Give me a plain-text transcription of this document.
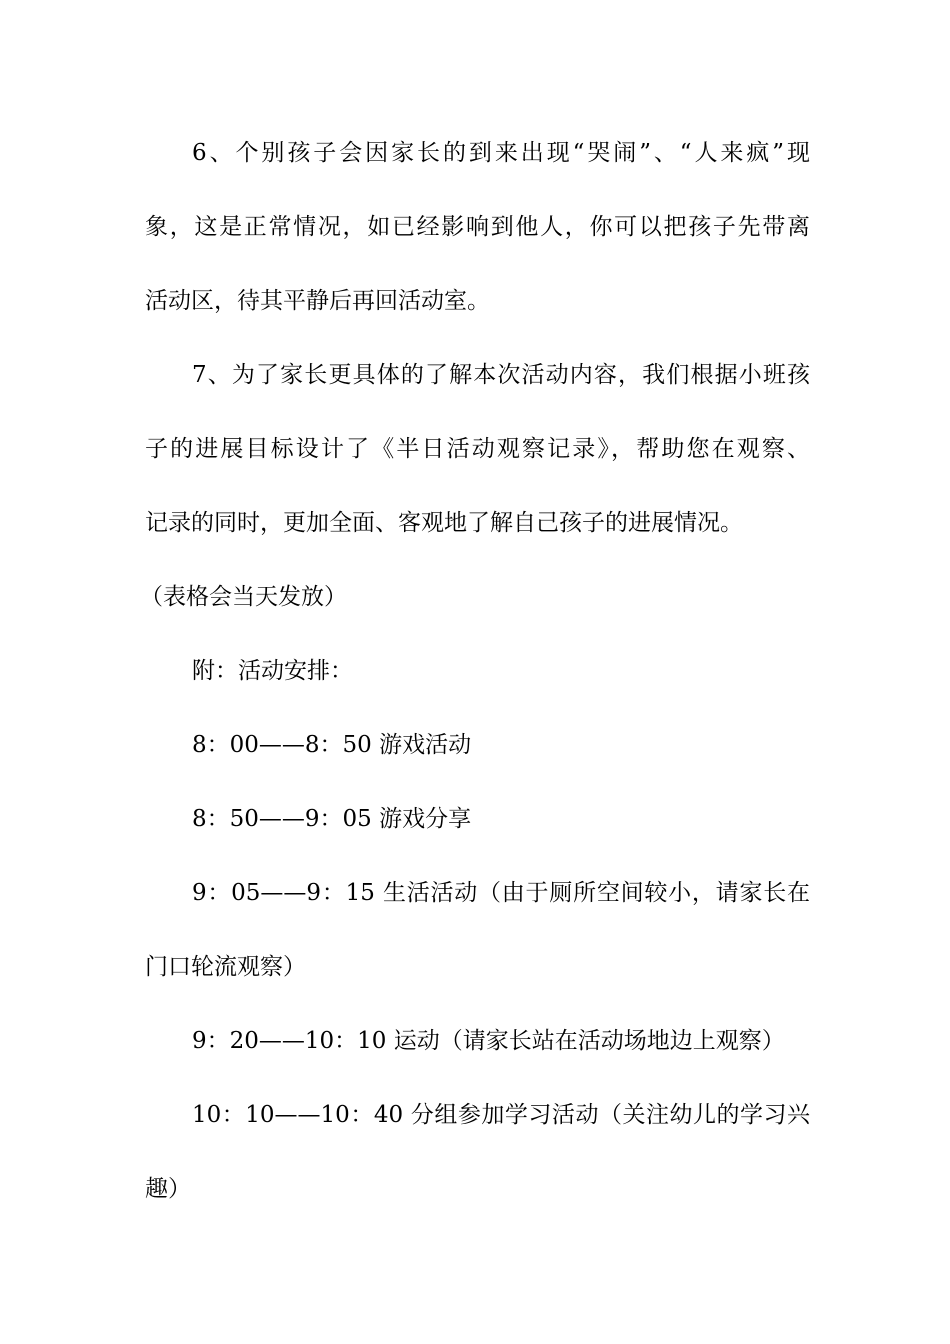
6、个别孩子会因家长的到来出现“哭闹”、“人来疯”现
象，这是正常情况，如已经影响到他人，你可以把孩子先带离
活动区，待其平静后再回活动室。
7、为了家长更具体的了解本次活动内容，我们根据小班孩
子的进展目标设计了《半日活动观察记录》，帮助您在观察、
记录的同时，更加全面、客观地了解自己孩子的进展情况。
（表格会当天发放）
附：活动安排：
8：00——8：50 游戏活动
8：50——9：05 游戏分享
9：05——9：15 生活活动（由于厕所空间较小，请家长在
门口轮流观察）
9：20——10：10 运动（请家长站在活动场地边上观察）
10：10——10：40 分组参加学习活动（关注幼儿的学习兴
趣）
